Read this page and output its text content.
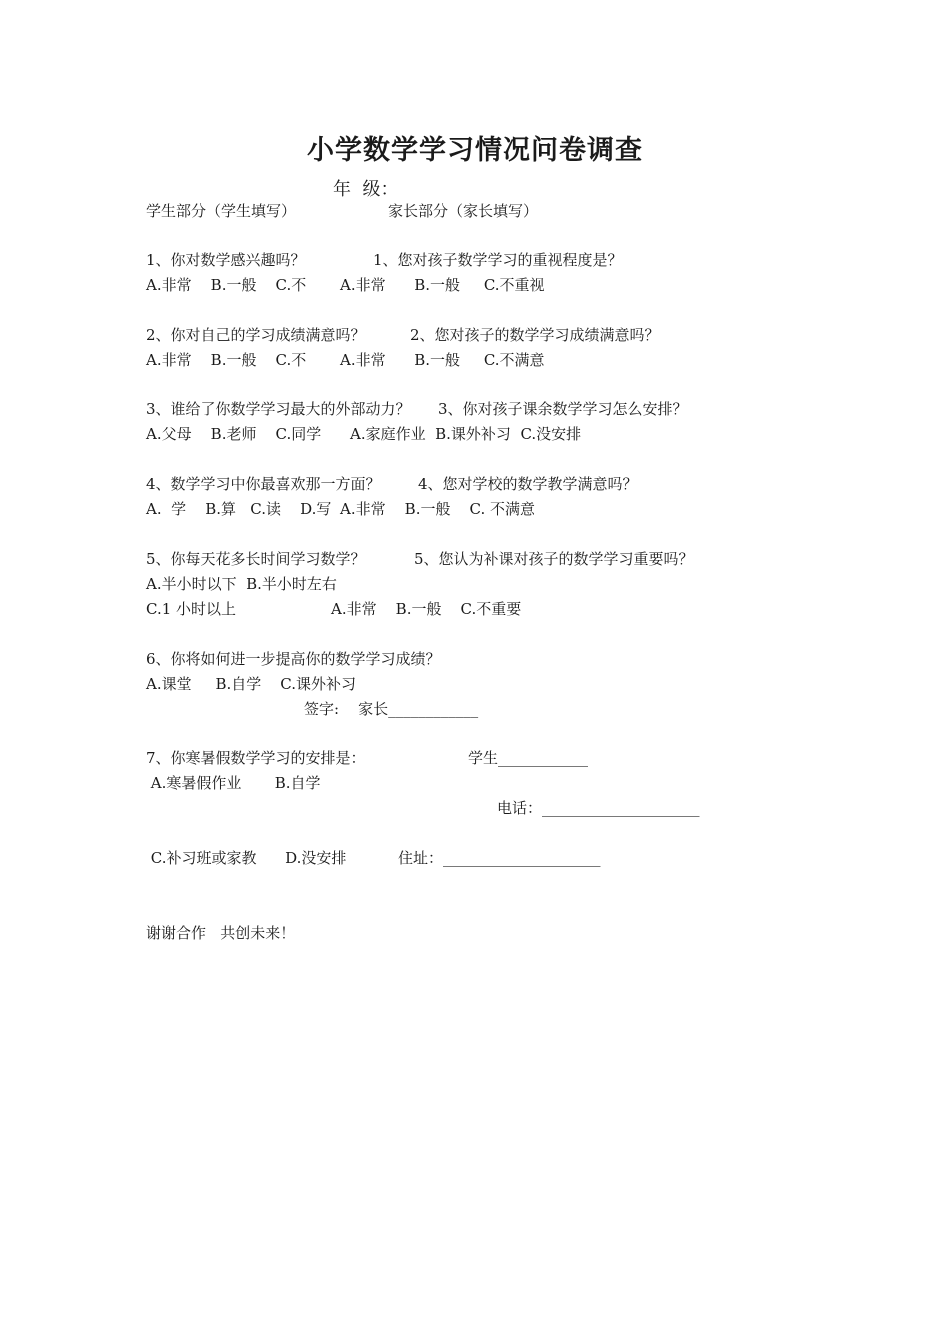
小学数学学习情况问卷调查
年  级：
学生部分（学生填写）	家长部分（家长填写）
1、你对数学感兴趣吗？	1、您对孩子数学学习的重视程度是？
A.非常    B.一般    C.不 A.非常      B.一般     C.不重视
2、你对自己的学习成绩满意吗？	2、您对孩子的数学学习成绩满意吗？
A.非常    B.一般    C.不 A.非常      B.一般     C.不满意
3、谁给了你数学学习最大的外部动力？ 3、你对孩子课余数学学习怎么安排？
A.父母    B.老师    C.同学 A.家庭作业  B.课外补习  C.没安排
4、数学学习中你最喜欢那一方面？ 4、您对学校的数学教学满意吗？
A.  学    B.算   C.读    D.写 A.非常    B.一般    C. 不满意
5、你每天花多长时间学习数学？	5、您认为补课对孩子的数学学习重要吗？
A.半小时以下  B.半小时左右
C.1 小时以上	A.非常    B.一般    C.不重要
6、你将如何进一步提高你的数学学习成绩？
A.课堂     B.自学    C.课外补习
签字:    家长____________
7、你寒暑假数学学习的安排是：	学生____________
A.寒暑假作业       B.自学
电话：_____________________
C.补习班或家教      D.没安排	住址：_____________________
谢谢合作   共创未来！
